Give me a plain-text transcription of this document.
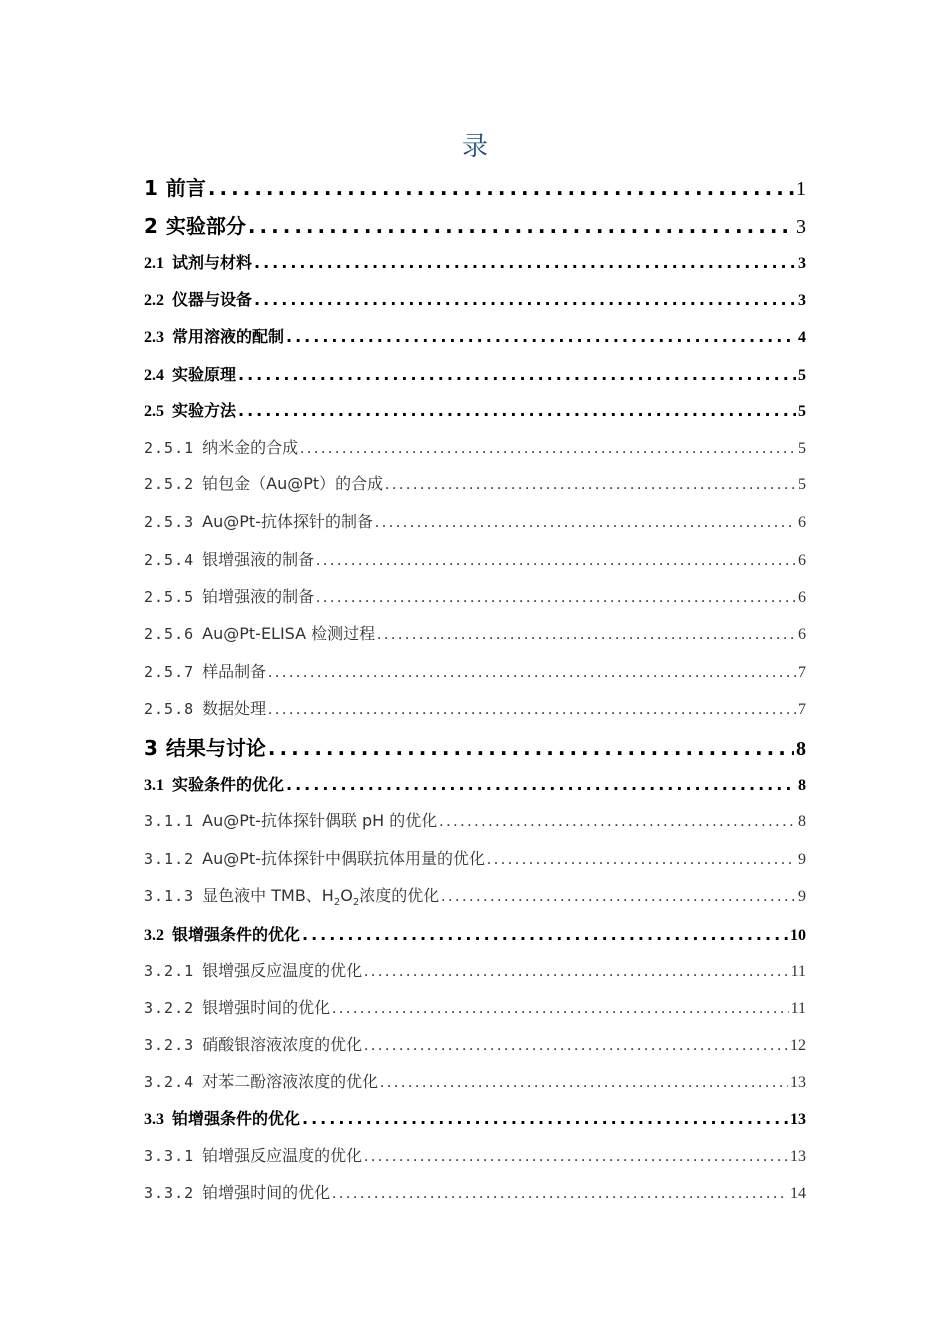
录
1 前言 .....	1
2 实验部分 .....	3
2.1 试剂与材料 .....	3
2.2 仪器与设备 .....	3
2.3 常用溶液的配制 .....	4
2.4 实验原理 .....	5
2.5 实验方法 .....	5
2.5.1 纳米金的合成 .....	5
2.5.2 铂包金（Au@Pt）的合成 .....	5
2.5.3 Au@Pt-抗体探针的制备 .....	6
2.5.4 银增强液的制备 .....	6
2.5.5 铂增强液的制备 .....	6
2.5.6 Au@Pt-ELISA 检测过程 .....	6
2.5.7 样品制备 .....	7
2.5.8 数据处理 .....	7
3 结果与讨论 .....	8
3.1 实验条件的优化 .....	8
3.1.1 Au@Pt-抗体探针偶联 pH 的优化 .....	8
3.1.2 Au@Pt-抗体探针中偶联抗体用量的优化 .....	9
3.1.3 显色液中 TMB、$H_2O_2$浓度的优化 .....	9
3.2 银增强条件的优化 .....	10
3.2.1 银增强反应温度的优化 .....	11
3.2.2 银增强时间的优化 .....	11
3.2.3 硝酸银溶液浓度的优化 .....	12
3.2.4 对苯二酚溶液浓度的优化 .....	13
3.3 铂增强条件的优化 .....	13
3.3.1 铂增强反应温度的优化 .....	13
3.3.2 铂增强时间的优化 .....	14
